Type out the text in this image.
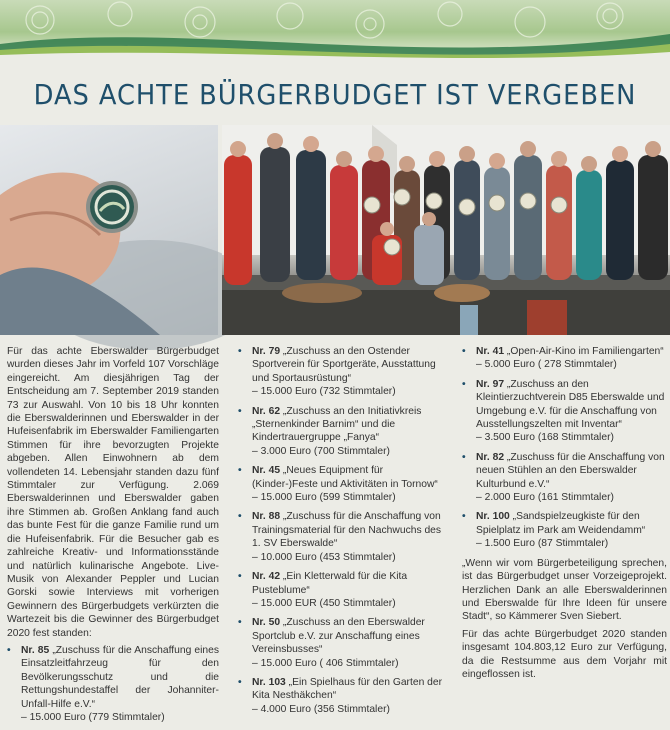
DAS ACHTE BÜRGERBUDGET IST VERGEBEN

Für das achte Eberswalder Bürgerbudget wurden dieses Jahr im Vorfeld 107 Vorschläge eingereicht. Am diesjährigen Tag der Entscheidung am 7. September 2019 standen 73 zur Auswahl. Von 10 bis 18 Uhr konnten die Eberswalderinnen und Eberswalder in der Hufeisenfabrik im Eberswalder Familiengarten Stimmen für ihre bevorzugten Projekte abgeben. Allen Einwohnern ab dem vollendeten 14. Lebensjahr standen dazu fünf Stimmtaler zur Verfügung. 2.069 Eberswalderinnen und Eberswalder gaben ihre Stimmen ab. Großen Anklang fand auch das bunte Fest für die ganze Familie rund um die Hufeisenfabrik. Für die Besucher gab es zahlreiche Kreativ- und Informationsstände und natürlich kulinarische Angebote. Live-Musik von Alexander Peppler und Lucian Gorski sowie Interviews mit vorherigen Gewinnern des Bürgerbudgets verkürzten die Wartezeit bis die Gewinner des Bürgerbudget 2020 fest standen:

• Nr. 85 „Zuschuss für die Anschaffung eines Einsatzleitfahrzeug für den Bevölkerungsschutz und die Rettungshundestaffel der Johanniter-Unfall-Hilfe e.V.“
– 15.000 Euro (779 Stimmtaler)
• Nr. 79 „Zuschuss an den Ostender Sportverein für Sportgeräte, Ausstattung und Sportausrüstung“
– 15.000 Euro (732 Stimmtaler)
• Nr. 62 „Zuschuss an den Initiativkreis „Sternenkinder Barnim“ und die Kindertrauergruppe „Fanya“
– 3.000 Euro (700 Stimmtaler)
• Nr. 45 „Neues Equipment für (Kinder-)Feste und Aktivitäten in Tornow“
– 15.000 Euro (599 Stimmtaler)
• Nr. 88 „Zuschuss für die Anschaffung von Trainingsmaterial für den Nachwuchs des 1. SV Eberswalde“
– 10.000 Euro (453 Stimmtaler)
• Nr. 42 „Ein Kletterwald für die Kita Pusteblume“
– 15.000 EUR (450 Stimmtaler)
• Nr. 50 „Zuschuss an den Eberswalder Sportclub e.V. zur Anschaffung eines Vereinsbusses“
– 15.000 Euro ( 406 Stimmtaler)
• Nr. 103 „Ein Spielhaus für den Garten der Kita Nesthäkchen“
– 4.000 Euro (356 Stimmtaler)
• Nr. 41 „Open-Air-Kino im Familiengarten“
– 5.000 Euro ( 278 Stimmtaler)
• Nr. 97 „Zuschuss an den Kleintierzuchtverein D85 Eberswalde und Umgebung e.V. für die Anschaffung von Ausstellungszelten mit Inventar“
– 3.500 Euro (168 Stimmtaler)
• Nr. 82 „Zuschuss für die Anschaffung von neuen Stühlen an den Eberswalder Kulturbund e.V.“
– 2.000 Euro (161 Stimmtaler)
• Nr. 100 „Sandspielzeugkiste für den Spielplatz im Park am Weidendamm“
– 1.500 Euro (87 Stimmtaler)

„Wenn wir vom Bürgerbeteiligung sprechen, ist das Bürgerbudget unser Vorzeigeprojekt. Herzlichen Dank an alle Eberswalderinnen und Eberswalde für Ihre Ideen für unsere Stadt“, so Kämmerer Sven Siebert.

Für das achte Bürgerbudget 2020 standen insgesamt 104.803,12 Euro zur Verfügung, da die Restsumme aus dem Vorjahr mit eingeflossen ist.
